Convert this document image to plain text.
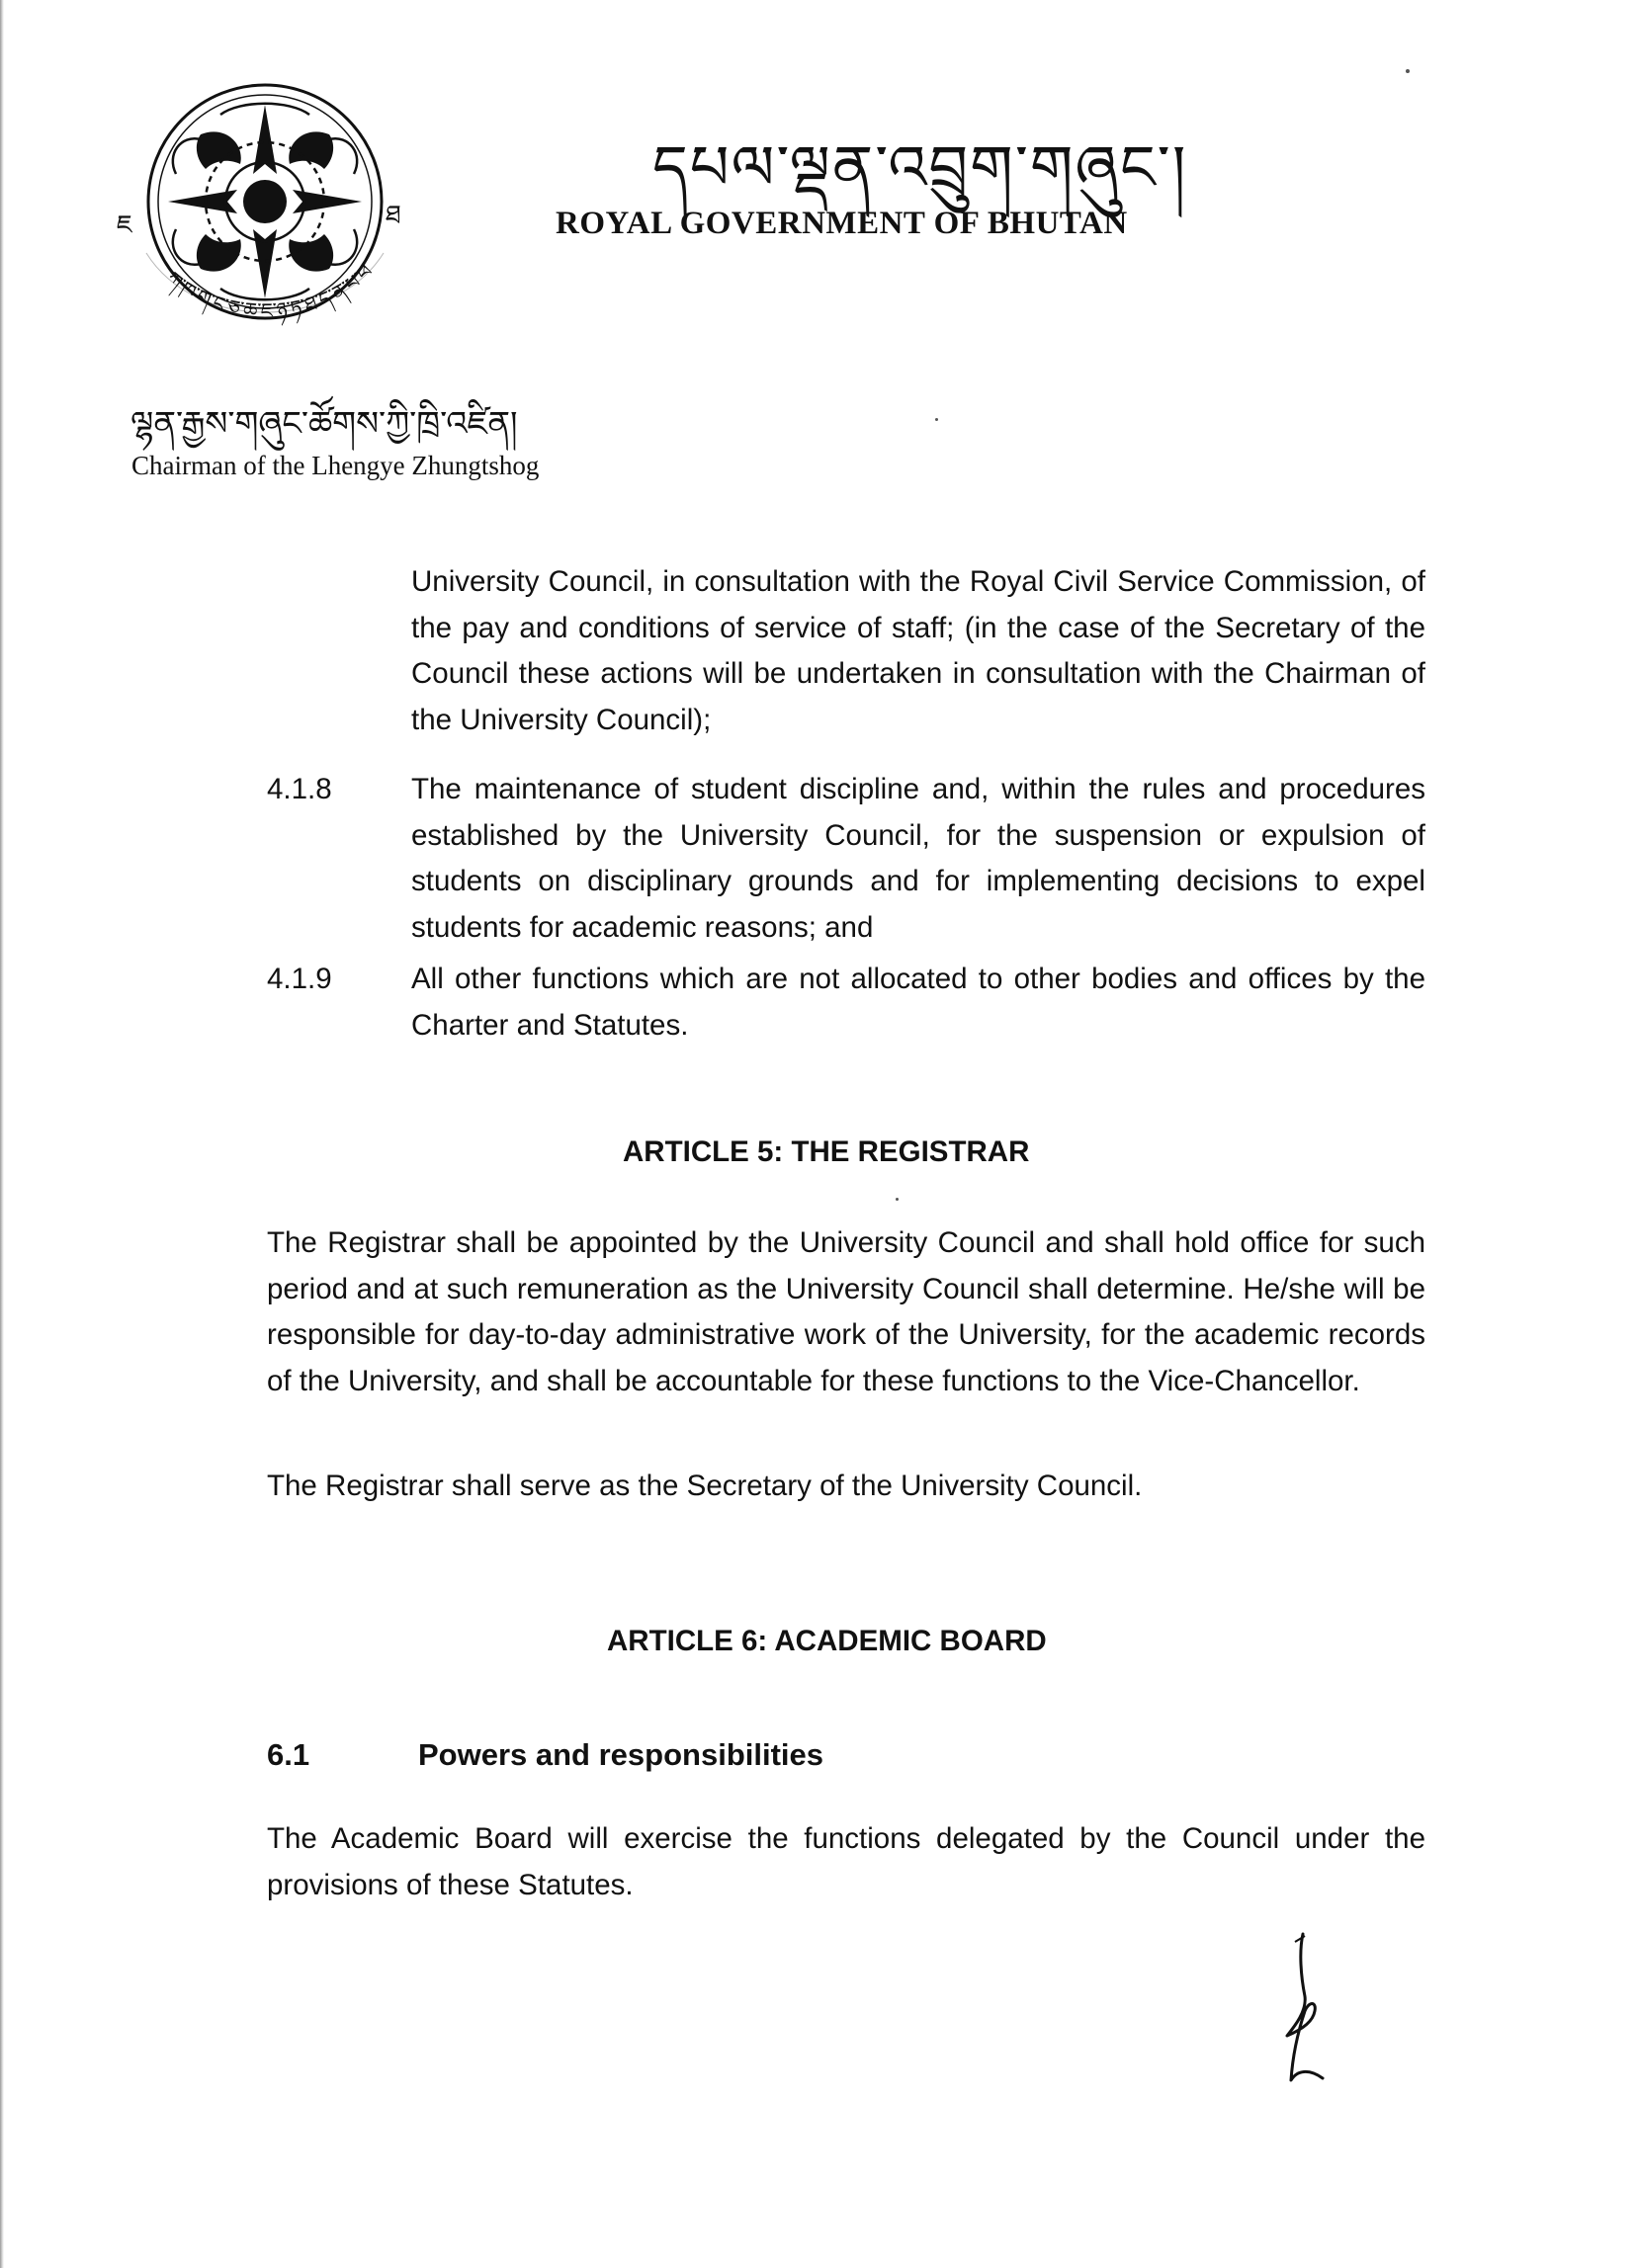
ཇ	ཐ
ཀ་ཁ་ག་ང་ཅ་ཆ་ཇ་ཉ་ཏ་ཐ་ད་ན་པ་ཕ
དཔལ་ལྡན་འབྲུག་གཞུང་།
ROYAL GOVERNMENT OF BHUTAN
ལྷན་རྒྱས་གཞུང་ཚོགས་ཀྱི་ཁྲི་འཛིན།
Chairman of the Lhengye Zhungtshog

University Council, in consultation with the Royal Civil Service Commission, of the pay and conditions of service of staff; (in the case of the Secretary of the Council these actions will be undertaken in consultation with the Chairman of the University Council);

4.1.8	The maintenance of student discipline and, within the rules and procedures established by the University Council, for the suspension or expulsion of students on disciplinary grounds and for implementing decisions to expel students for academic reasons; and

4.1.9	All other functions which are not allocated to other bodies and offices by the Charter and Statutes.

ARTICLE 5: THE REGISTRAR

The Registrar shall be appointed by the University Council and shall hold office for such period and at such remuneration as the University Council shall determine. He/she will be responsible for day-to-day administrative work of the University, for the academic records of the University, and shall be accountable for these functions to the Vice-Chancellor.

The Registrar shall serve as the Secretary of the University Council.

ARTICLE 6: ACADEMIC BOARD
6.1	Powers and responsibilities

The Academic Board will exercise the functions delegated by the Council under the provisions of these Statutes.
